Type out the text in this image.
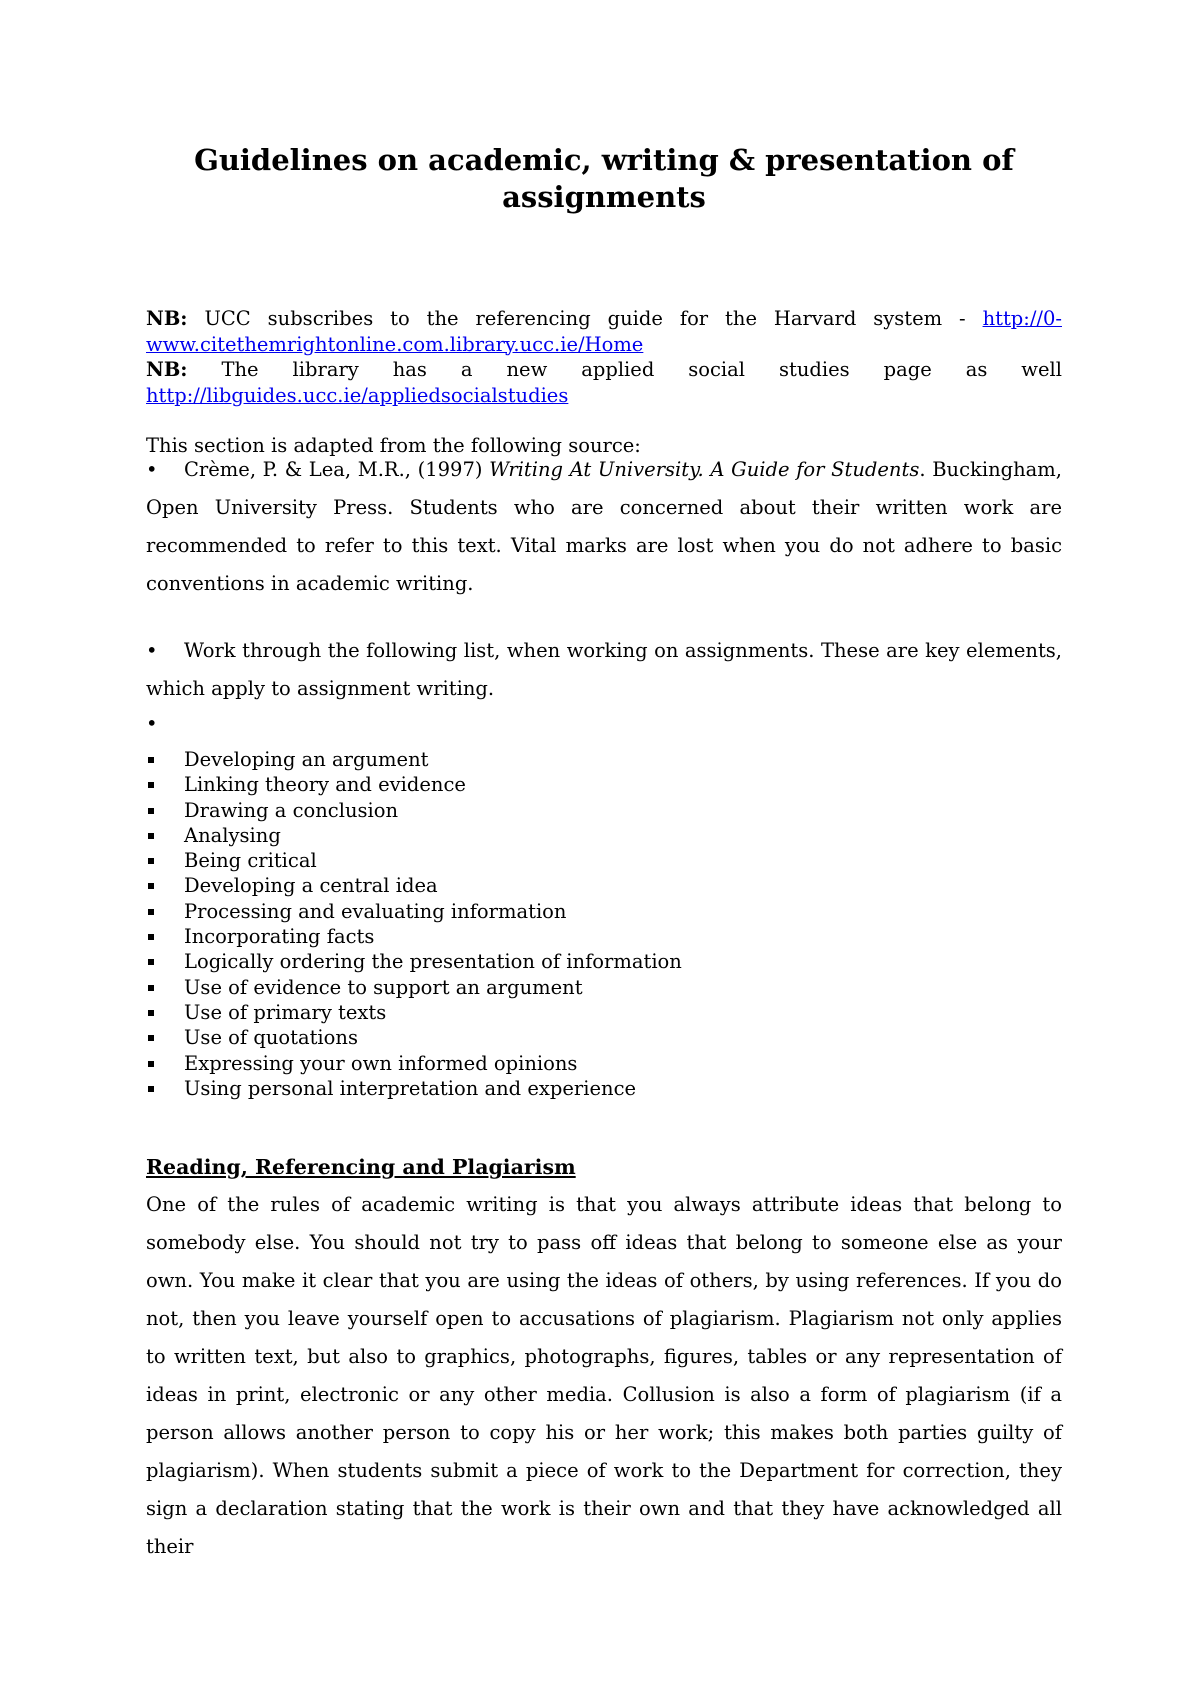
Guidelines on academic, writing & presentation of assignments
NB: UCC subscribes to the referencing guide for the Harvard system - http://0-www.citethemrightonline.com.library.ucc.ie/Home
NB: The library has a new applied social studies page as well http://libguides.ucc.ie/appliedsocialstudies
This section is adapted from the following source:
• Crème, P. & Lea, M.R., (1997) Writing At University. A Guide for Students. Buckingham, Open University Press. Students who are concerned about their written work are recommended to refer to this text. Vital marks are lost when you do not adhere to basic conventions in academic writing.
• Work through the following list, when working on assignments. These are key elements, which apply to assignment writing.
•
Developing an argument
Linking theory and evidence
Drawing a conclusion
Analysing
Being critical
Developing a central idea
Processing and evaluating information
Incorporating facts
Logically ordering the presentation of information
Use of evidence to support an argument
Use of primary texts
Use of quotations
Expressing your own informed opinions
Using personal interpretation and experience
Reading, Referencing and Plagiarism
One of the rules of academic writing is that you always attribute ideas that belong to somebody else. You should not try to pass off ideas that belong to someone else as your own. You make it clear that you are using the ideas of others, by using references. If you do not, then you leave yourself open to accusations of plagiarism. Plagiarism not only applies to written text, but also to graphics, photographs, figures, tables or any representation of ideas in print, electronic or any other media. Collusion is also a form of plagiarism (if a person allows another person to copy his or her work; this makes both parties guilty of plagiarism). When students submit a piece of work to the Department for correction, they sign a declaration stating that the work is their own and that they have acknowledged all their
